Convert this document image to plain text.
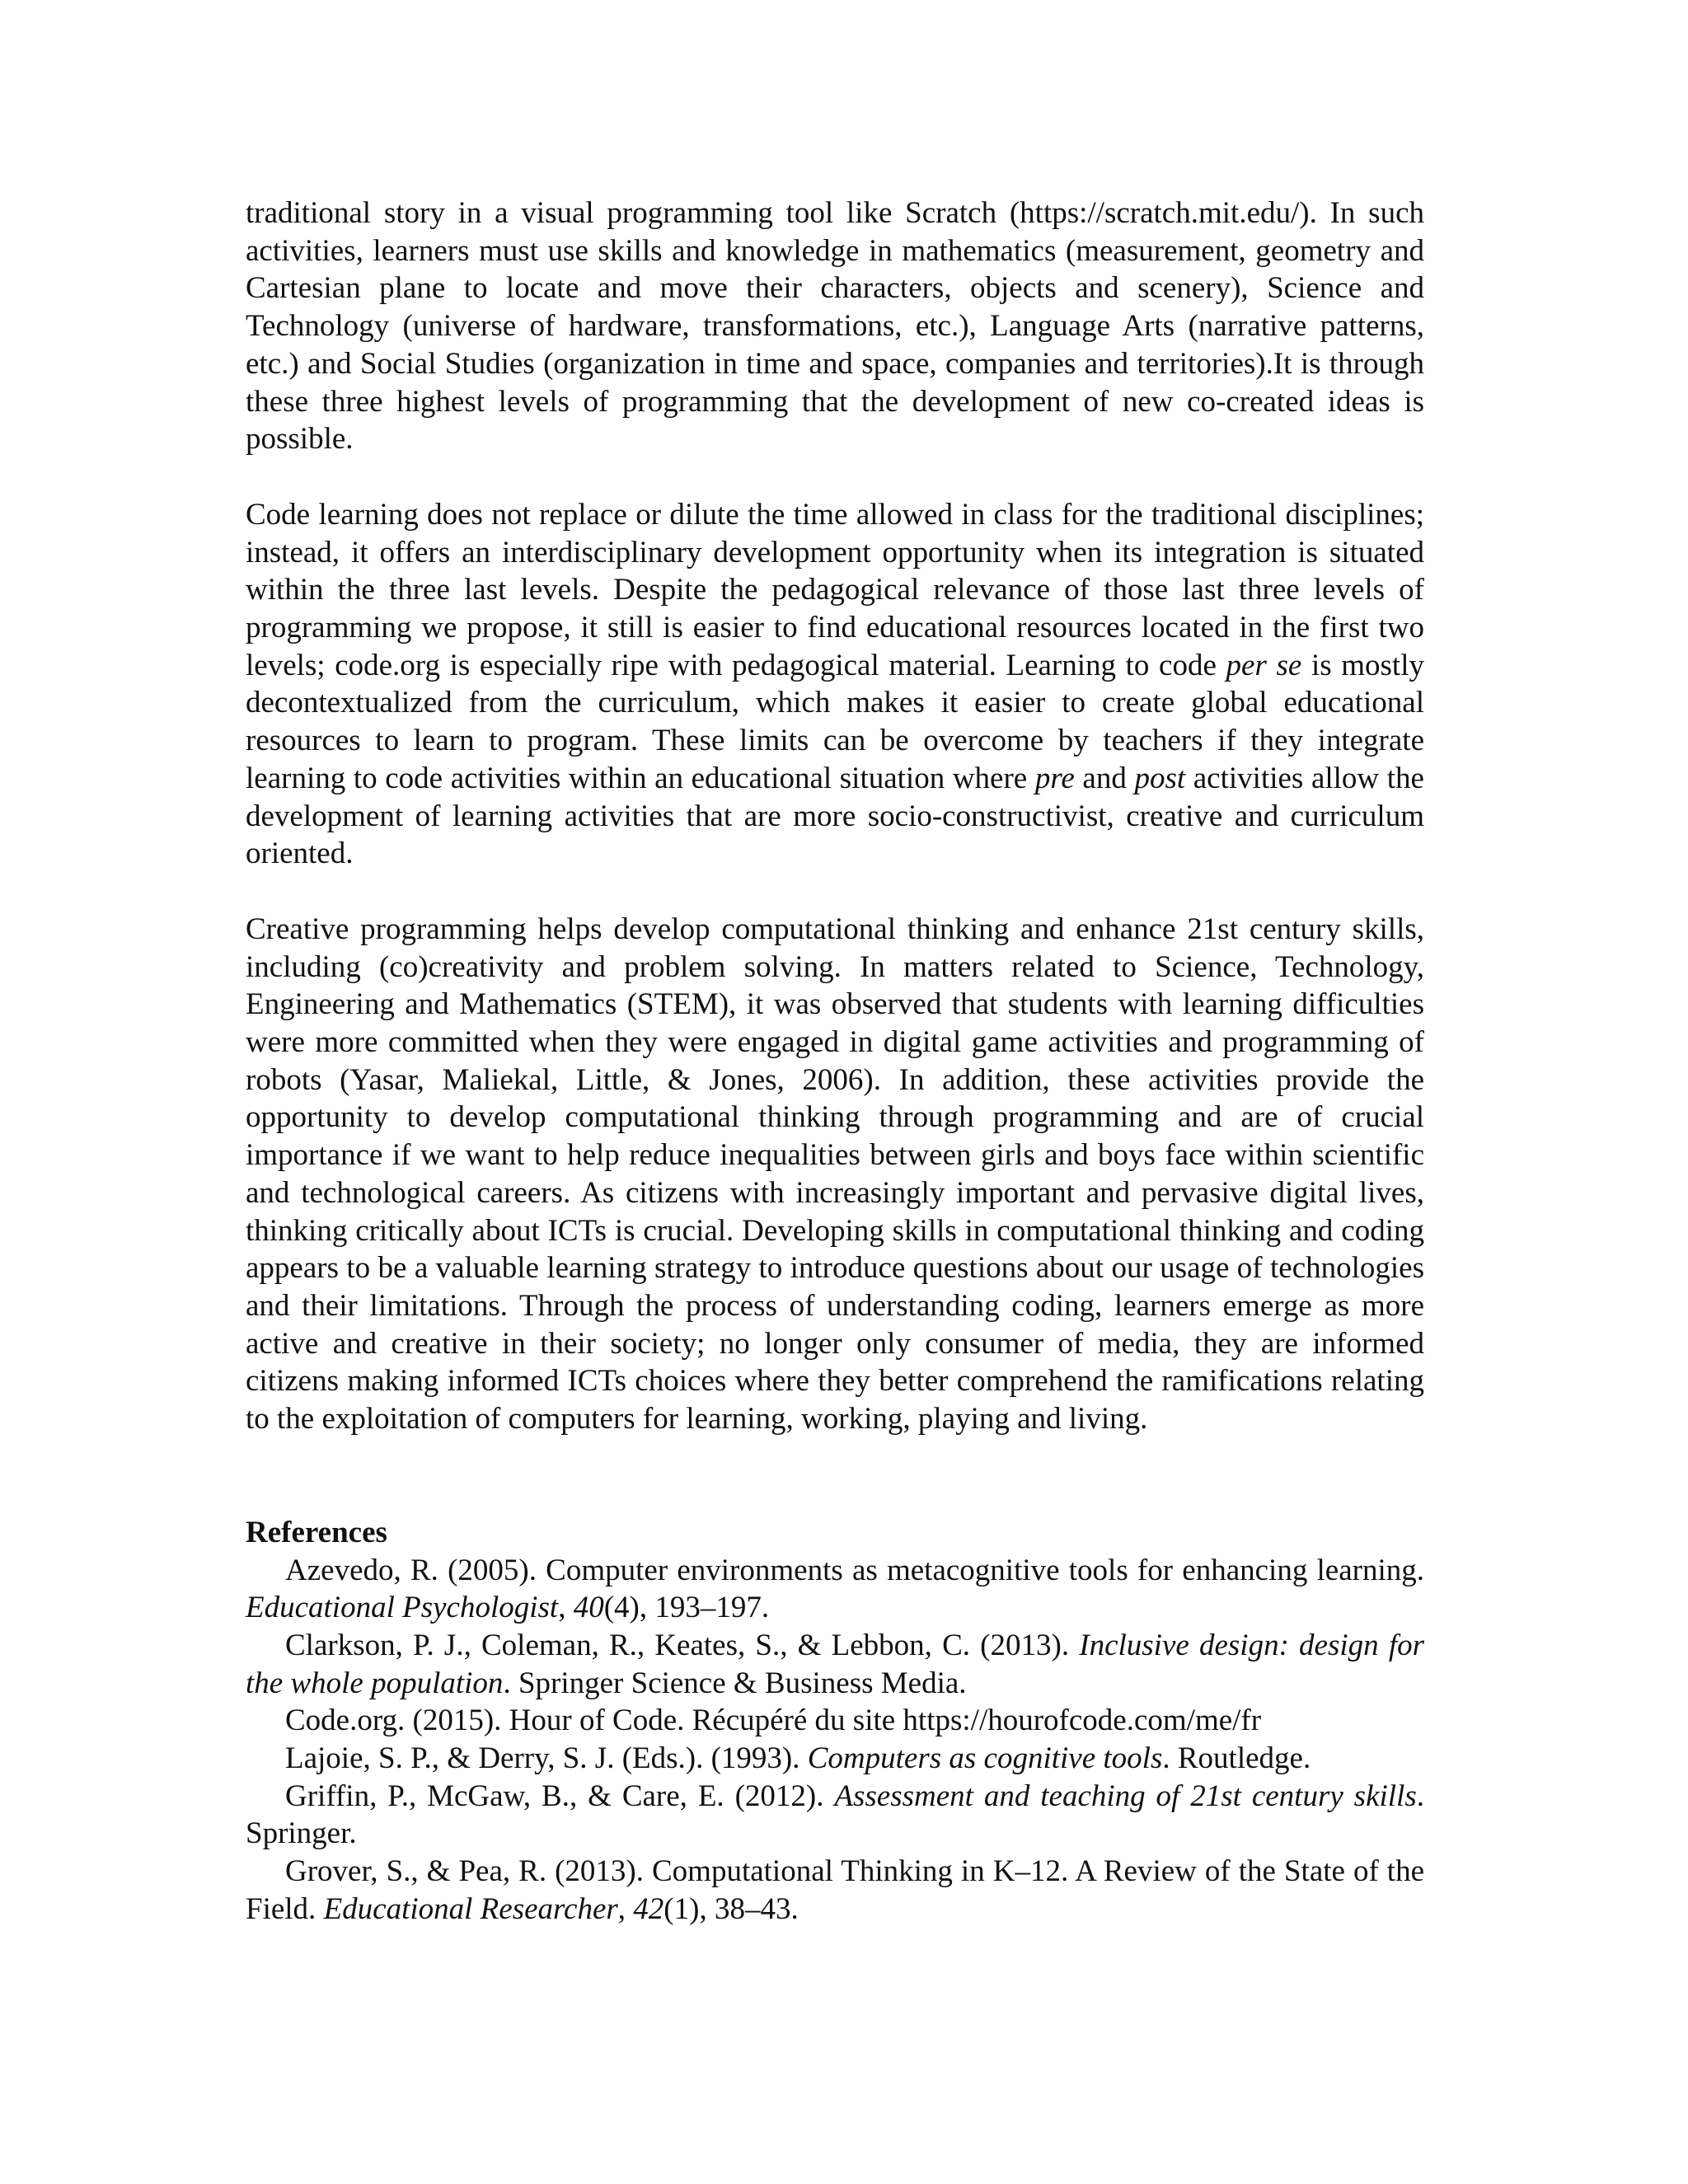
traditional story in a visual programming tool like Scratch (https://scratch.mit.edu/). In such activities, learners must use skills and knowledge in mathematics (measurement, geometry and Cartesian plane to locate and move their characters, objects and scenery), Science and Technology (universe of hardware, transformations, etc.), Language Arts (narrative patterns, etc.) and Social Studies (organization in time and space, companies and territories).It is through these three highest levels of programming that the development of new co-created ideas is possible.

Code learning does not replace or dilute the time allowed in class for the traditional disciplines; instead, it offers an interdisciplinary development opportunity when its integration is situated within the three last levels. Despite the pedagogical relevance of those last three levels of programming we propose, it still is easier to find educational resources located in the first two levels; code.org is especially ripe with pedagogical material. Learning to code per se is mostly decontextualized from the curriculum, which makes it easier to create global educational resources to learn to program. These limits can be overcome by teachers if they integrate learning to code activities within an educational situation where pre and post activities allow the development of learning activities that are more socio-constructivist, creative and curriculum oriented.

Creative programming helps develop computational thinking and enhance 21st century skills, including (co)creativity and problem solving. In matters related to Science, Technology, Engineering and Mathematics (STEM), it was observed that students with learning difficulties were more committed when they were engaged in digital game activities and programming of robots (Yasar, Maliekal, Little, & Jones, 2006). In addition, these activities provide the opportunity to develop computational thinking through programming and are of crucial importance if we want to help reduce inequalities between girls and boys face within scientific and technological careers. As citizens with increasingly important and pervasive digital lives, thinking critically about ICTs is crucial. Developing skills in computational thinking and coding appears to be a valuable learning strategy to introduce questions about our usage of technologies and their limitations. Through the process of understanding coding, learners emerge as more active and creative in their society; no longer only consumer of media, they are informed citizens making informed ICTs choices where they better comprehend the ramifications relating to the exploitation of computers for learning, working, playing and living.

References

Azevedo, R. (2005). Computer environments as metacognitive tools for enhancing learning. Educational Psychologist, 40(4), 193–197.

Clarkson, P. J., Coleman, R., Keates, S., & Lebbon, C. (2013). Inclusive design: design for the whole population. Springer Science & Business Media.

Code.org. (2015). Hour of Code. Récupéré du site https://hourofcode.com/me/fr

Lajoie, S. P., & Derry, S. J. (Eds.). (1993). Computers as cognitive tools. Routledge.

Griffin, P., McGaw, B., & Care, E. (2012). Assessment and teaching of 21st century skills. Springer.

Grover, S., & Pea, R. (2013). Computational Thinking in K–12. A Review of the State of the Field. Educational Researcher, 42(1), 38–43.
